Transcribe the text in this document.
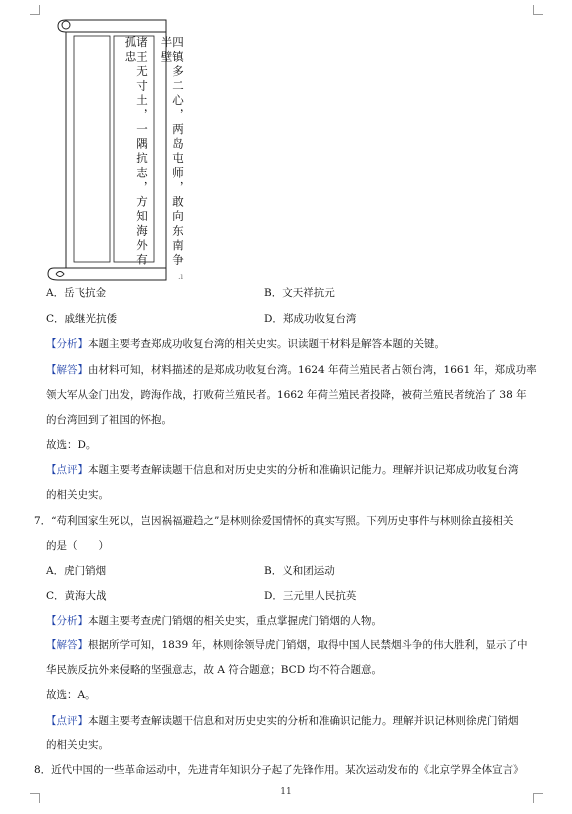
四镇多二心，两岛屯师，敢向东南争半壁
诸王无寸土，一隅抗志，方知海外有孤忠
.ı
A．岳飞抗金	B．文天祥抗元
C．戚继光抗倭	D．郑成功收复台湾
【分析】本题主要考查郑成功收复台湾的相关史实。识读题干材料是解答本题的关键。
【解答】由材料可知，材料描述的是郑成功收复台湾。1624 年荷兰殖民者占领台湾，1661 年，郑成功率
领大军从金门出发，跨海作战，打败荷兰殖民者。1662 年荷兰殖民者投降，被荷兰殖民者统治了 38 年
的台湾回到了祖国的怀抱。
故选：D。
【点评】本题主要考查解读题干信息和对历史史实的分析和准确识记能力。理解并识记郑成功收复台湾
的相关史实。
7．“苟利国家生死以，岂因祸福避趋之”是林则徐爱国情怀的真实写照。下列历史事件与林则徐直接相关
的是（　　）
A．虎门销烟	B．义和团运动
C．黄海大战	D．三元里人民抗英
【分析】本题主要考查虎门销烟的相关史实，重点掌握虎门销烟的人物。
【解答】根据所学可知，1839 年，林则徐领导虎门销烟，取得中国人民禁烟斗争的伟大胜利，显示了中
华民族反抗外来侵略的坚强意志，故 A 符合题意；BCD 均不符合题意。
故选：A。
【点评】本题主要考查解读题干信息和对历史史实的分析和准确识记能力。理解并识记林则徐虎门销烟
的相关史实。
8．近代中国的一些革命运动中，先进青年知识分子起了先锋作用。某次运动发布的《北京学界全体宣言》
11
